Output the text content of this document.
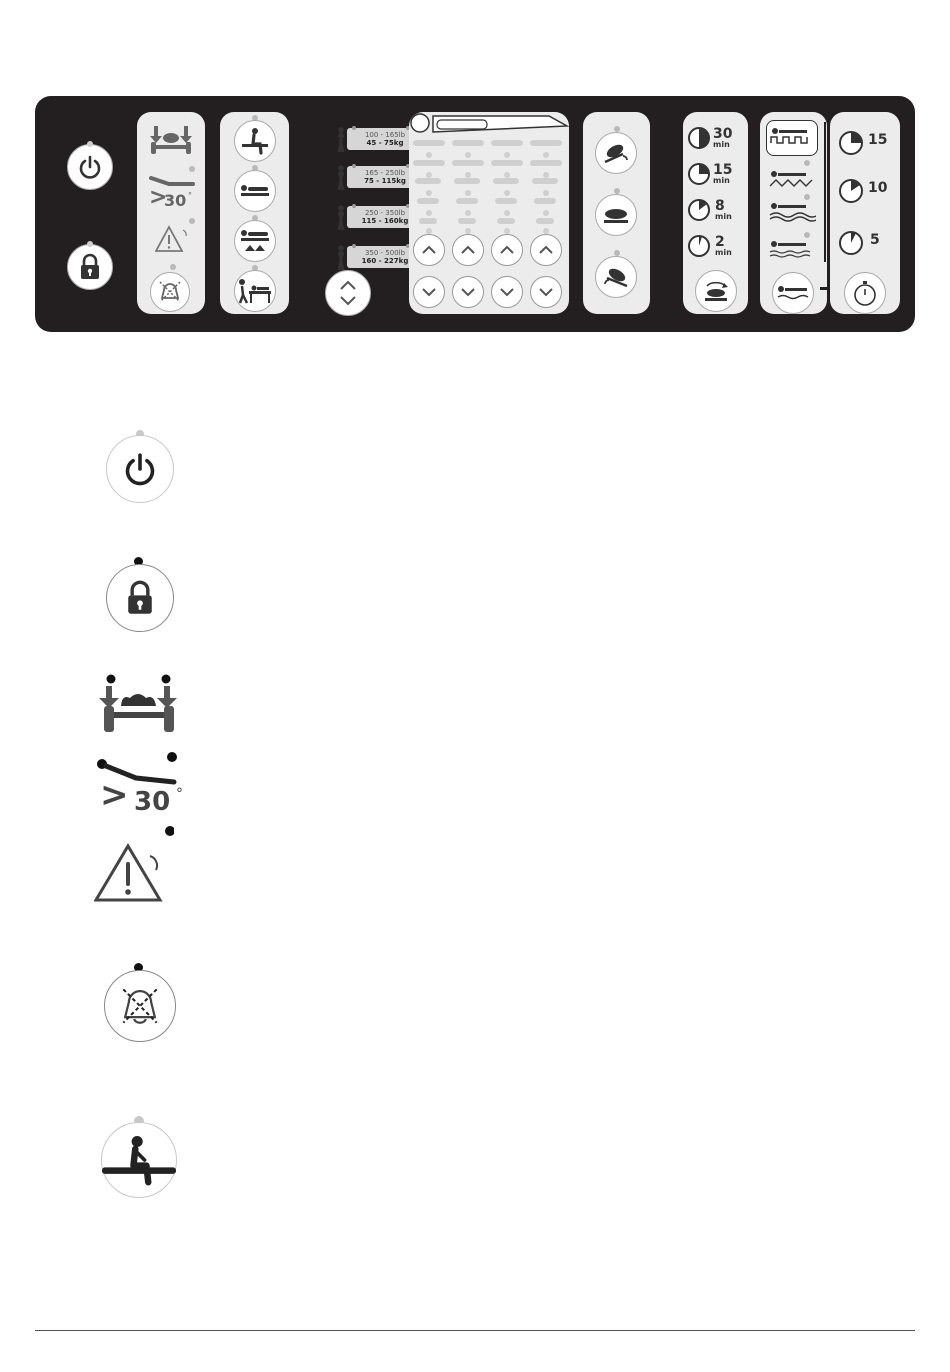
>
30 °
100 - 165lb
45 - 75kg
165 - 250lb
75 - 115kg
250 - 350lb
115 - 160kg
350 - 500lb
160 - 227kg
30
min
15
min
8
min
2
min
15
10
5
> 30 °
